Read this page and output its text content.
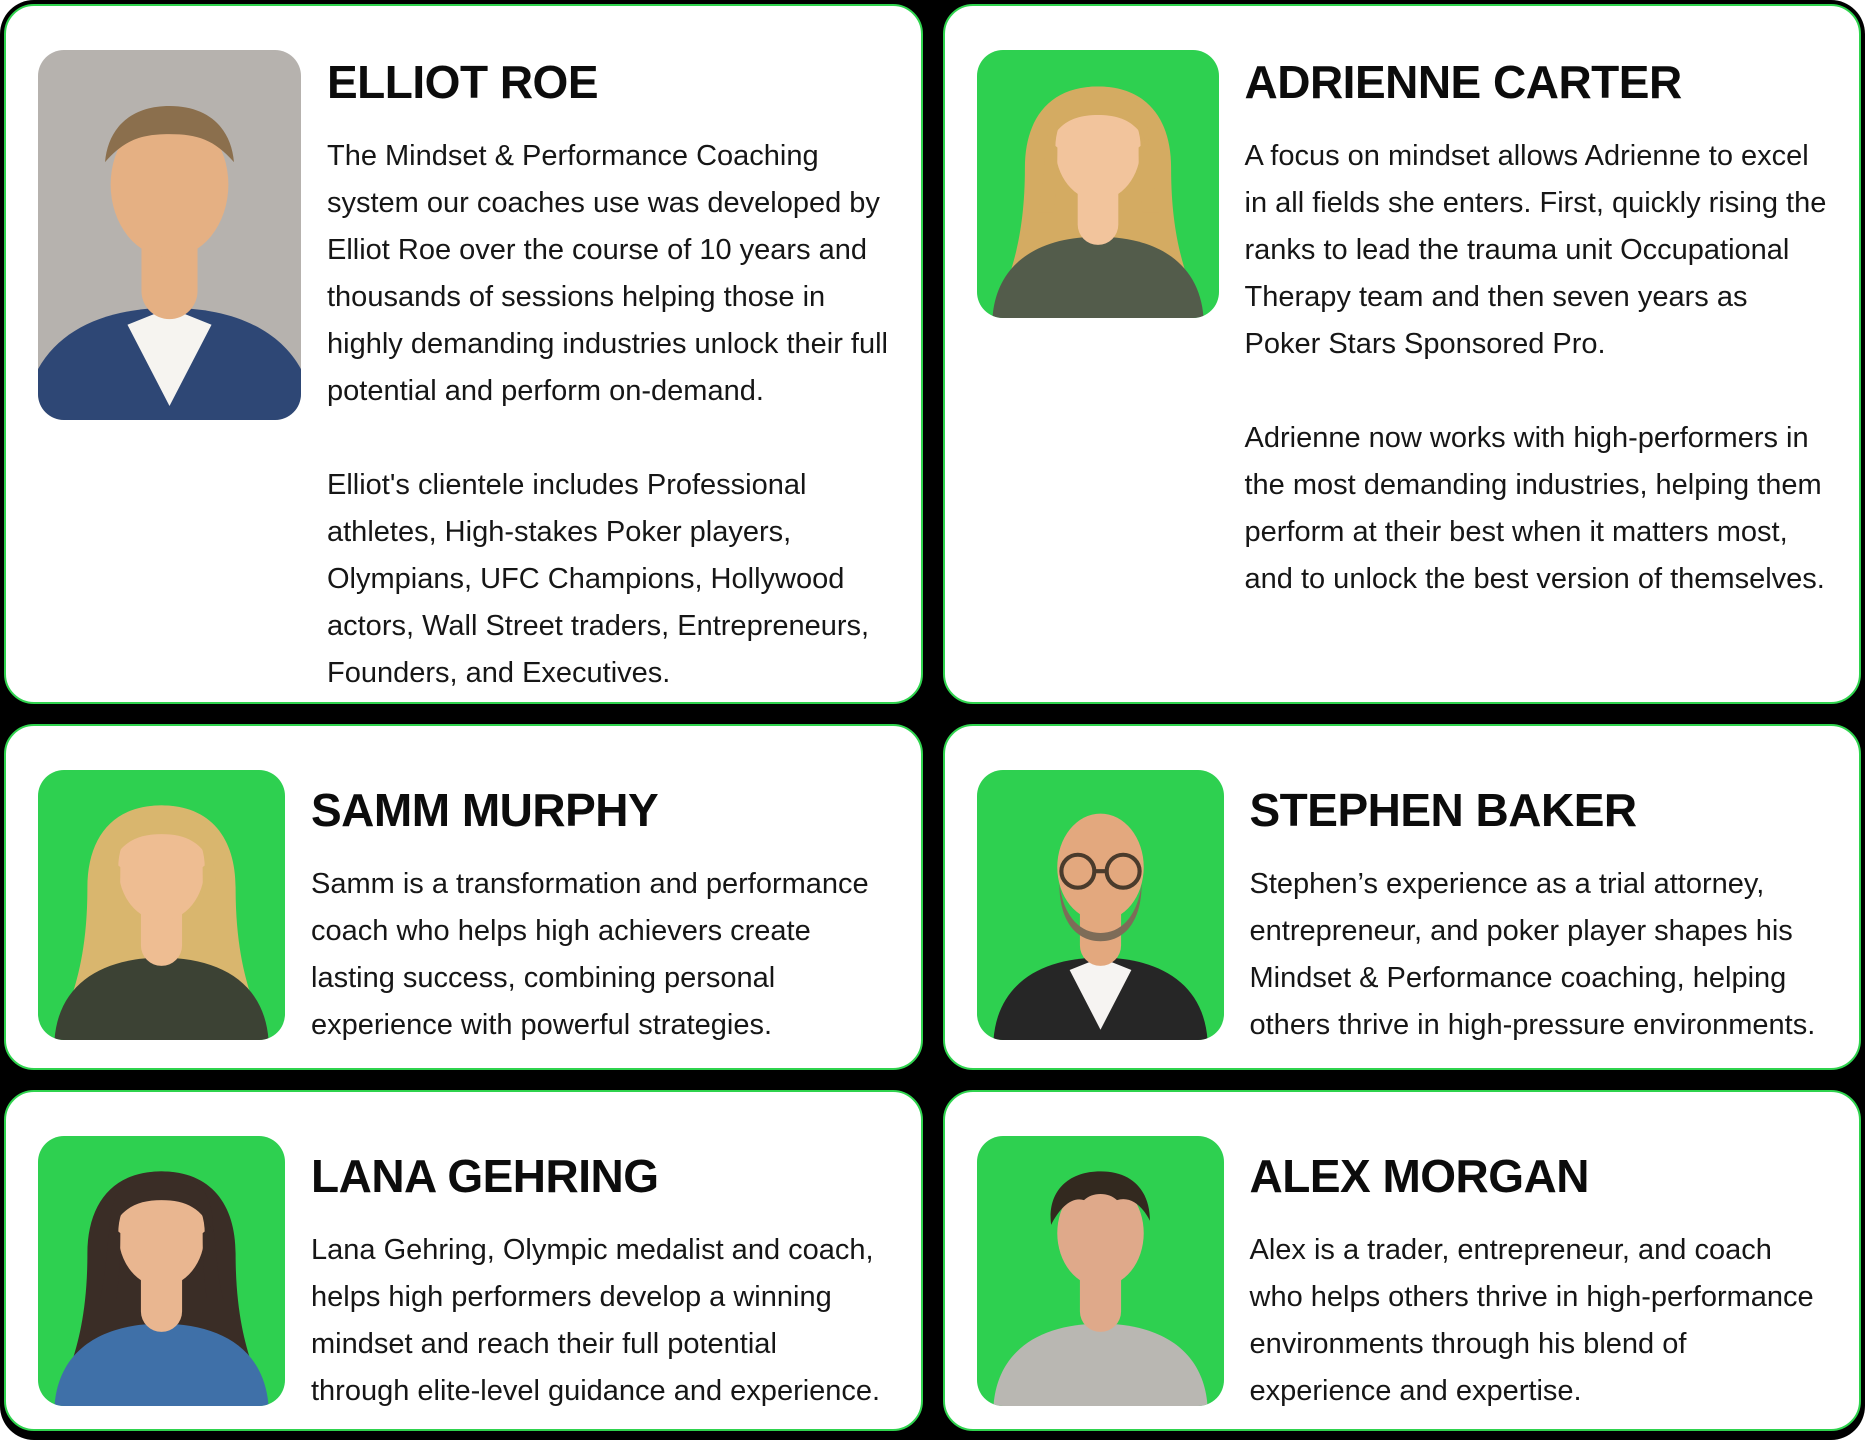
ELLIOT ROE

The Mindset & Performance Coaching system our coaches use was developed by Elliot Roe over the course of 10 years and thousands of sessions helping those in highly demanding industries unlock their full potential and perform on-demand.

Elliot's clientele includes Professional athletes, High-stakes Poker players, Olympians, UFC Champions, Hollywood actors, Wall Street traders, Entrepreneurs, Founders, and Executives.

ADRIENNE CARTER

A focus on mindset allows Adrienne to excel in all fields she enters. First, quickly rising the ranks to lead the trauma unit Occupational Therapy team and then seven years as Poker Stars Sponsored Pro.

Adrienne now works with high-performers in the most demanding industries, helping them perform at their best when it matters most, and to unlock the best version of themselves.

SAMM MURPHY

Samm is a transformation and performance coach who helps high achievers create lasting success, combining personal experience with powerful strategies.

STEPHEN BAKER

Stephen’s experience as a trial attorney, entrepreneur, and poker player shapes his Mindset & Performance coaching, helping others thrive in high-pressure environments.

LANA GEHRING

Lana Gehring, Olympic medalist and coach, helps high performers develop a winning mindset and reach their full potential through elite-level guidance and experience.

ALEX MORGAN

Alex is a trader, entrepreneur, and coach who helps others thrive in high-performance environments through his blend of experience and expertise.
